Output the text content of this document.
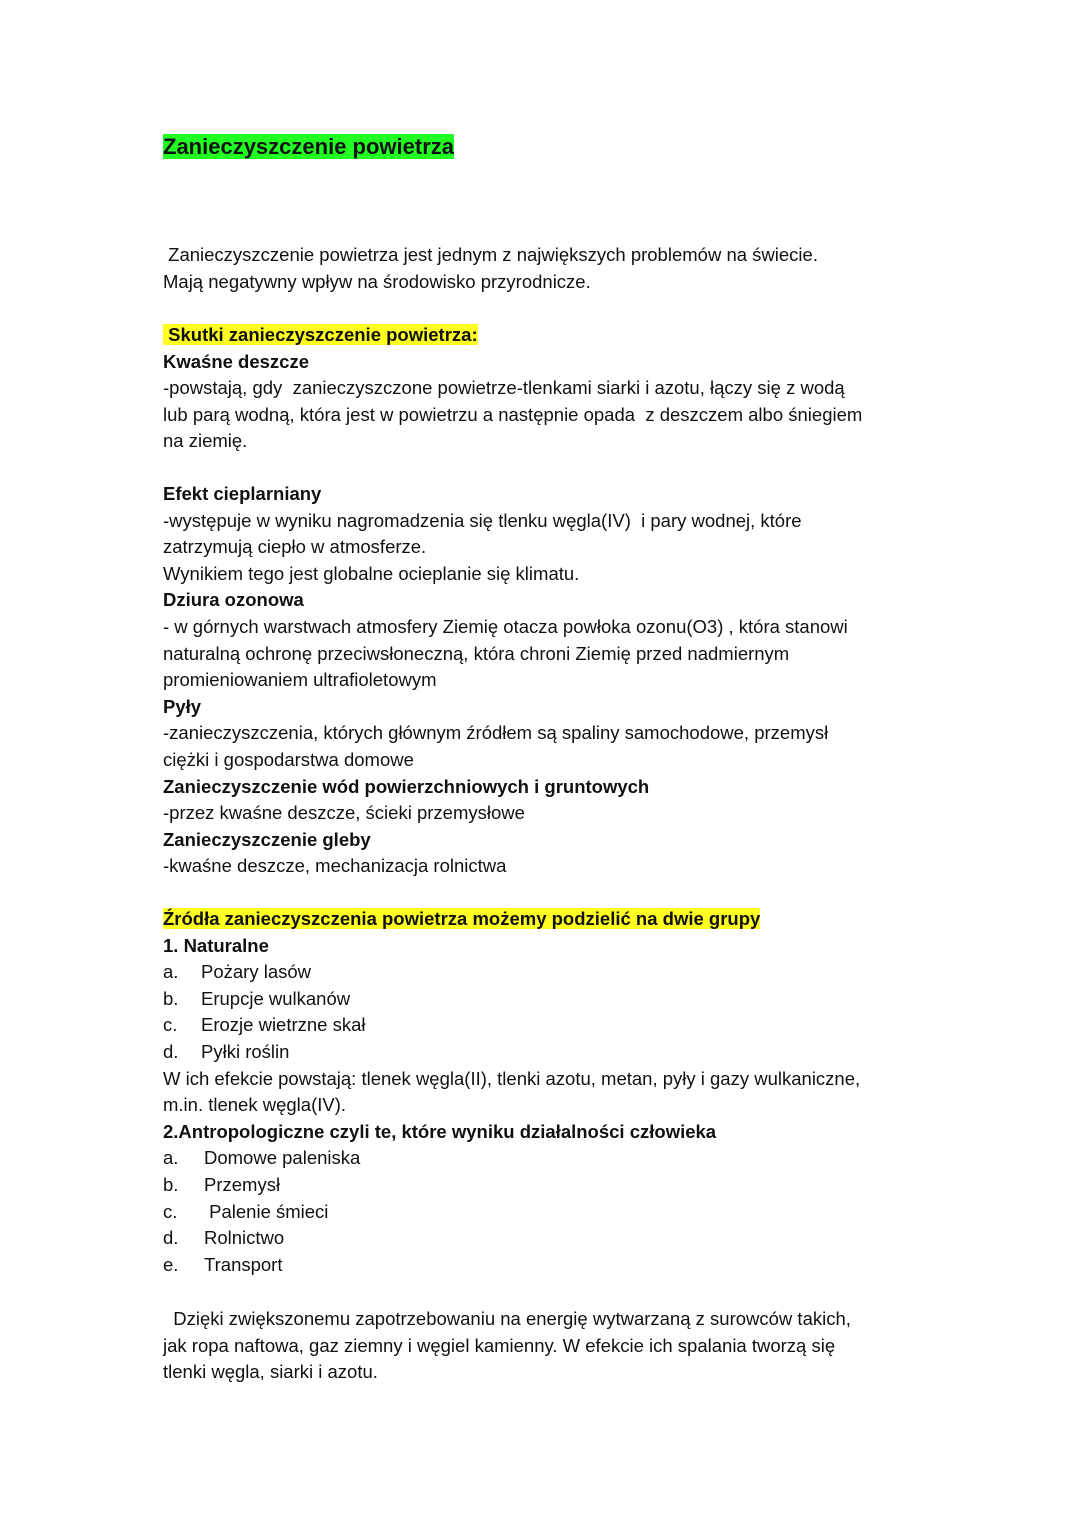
Zanieczyszczenie powietrza
Zanieczyszczenie powietrza jest jednym z największych problemów na świecie.
Mają negatywny wpływ na środowisko przyrodnicze.
Skutki zanieczyszczenie powietrza:
Kwaśne deszcze
-powstają, gdy  zanieczyszczone powietrze-tlenkami siarki i azotu, łączy się z wodą
lub parą wodną, która jest w powietrzu a następnie opada  z deszczem albo śniegiem
na ziemię.
Efekt cieplarniany
-występuje w wyniku nagromadzenia się tlenku węgla(IV)  i pary wodnej, które
zatrzymują ciepło w atmosferze.
Wynikiem tego jest globalne ocieplanie się klimatu.
Dziura ozonowa
- w górnych warstwach atmosfery Ziemię otacza powłoka ozonu(O3) , która stanowi
naturalną ochronę przeciwsłoneczną, która chroni Ziemię przed nadmiernym
promieniowaniem ultrafioletowym
Pyły
-zanieczyszczenia, których głównym źródłem są spaliny samochodowe, przemysł
ciężki i gospodarstwa domowe
Zanieczyszczenie wód powierzchniowych i gruntowych
-przez kwaśne deszcze, ścieki przemysłowe
Zanieczyszczenie gleby
-kwaśne deszcze, mechanizacja rolnictwa
Źródła zanieczyszczenia powietrza możemy podzielić na dwie grupy
1. Naturalne
a. Pożary lasów
b. Erupcje wulkanów
c. Erozje wietrzne skał
d. Pyłki roślin
W ich efekcie powstają: tlenek węgla(II), tlenki azotu, metan, pyły i gazy wulkaniczne,
m.in. tlenek węgla(IV).
2.Antropologiczne czyli te, które wyniku działalności człowieka
a. Domowe paleniska
b. Przemysł
c. Palenie śmieci
d. Rolnictwo
e. Transport
Dzięki zwiększonemu zapotrzebowaniu na energię wytwarzaną z surowców takich,
jak ropa naftowa, gaz ziemny i węgiel kamienny. W efekcie ich spalania tworzą się
tlenki węgla, siarki i azotu.
